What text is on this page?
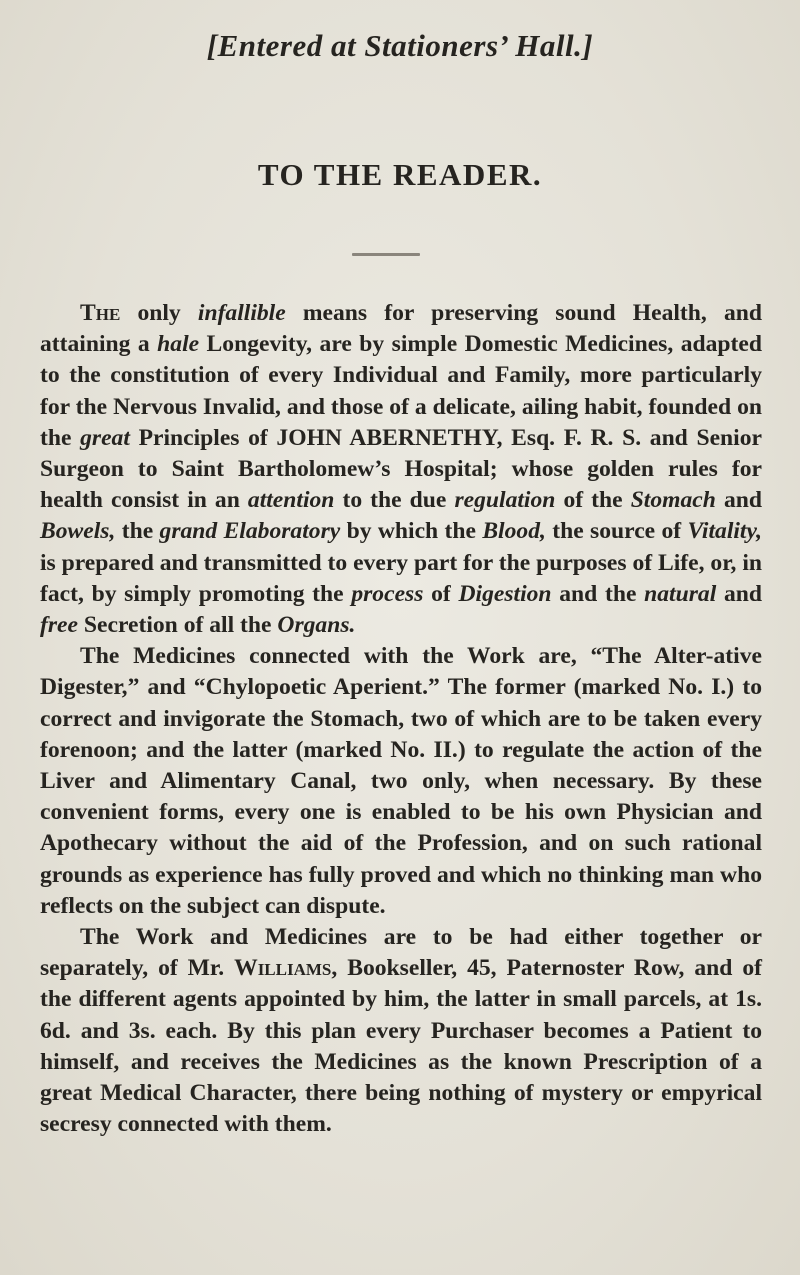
[Entered at Stationers’ Hall.]
TO THE READER.

The only infallible means for preserving sound Health, and attaining a hale Longevity, are by simple Domestic Medicines, adapted to the constitution of every Individual and Family, more particularly for the Nervous Invalid, and those of a delicate, ailing habit, founded on the great Principles of JOHN ABERNETHY, Esq. F. R. S. and Senior Surgeon to Saint Bartholomew’s Hospital; whose golden rules for health consist in an attention to the due regulation of the Stomach and Bowels, the grand Elaboratory by which the Blood, the source of Vitality, is prepared and transmitted to every part for the purposes of Life, or, in fact, by simply promoting the process of Digestion and the natural and free Secretion of all the Organs.

The Medicines connected with the Work are, “The Alter-ative Digester,” and “Chylopoetic Aperient.” The former (marked No. I.) to correct and invigorate the Stomach, two of which are to be taken every forenoon; and the latter (marked No. II.) to regulate the action of the Liver and Alimentary Canal, two only, when necessary. By these convenient forms, every one is enabled to be his own Physician and Apothecary without the aid of the Profession, and on such rational grounds as experience has fully proved and which no thinking man who reflects on the subject can dispute.

The Work and Medicines are to be had either together or separately, of Mr. Williams, Bookseller, 45, Paternoster Row, and of the different agents appointed by him, the latter in small parcels, at 1s. 6d. and 3s. each. By this plan every Purchaser becomes a Patient to himself, and receives the Medicines as the known Prescription of a great Medical Character, there being nothing of mystery or empyrical secresy connected with them.
